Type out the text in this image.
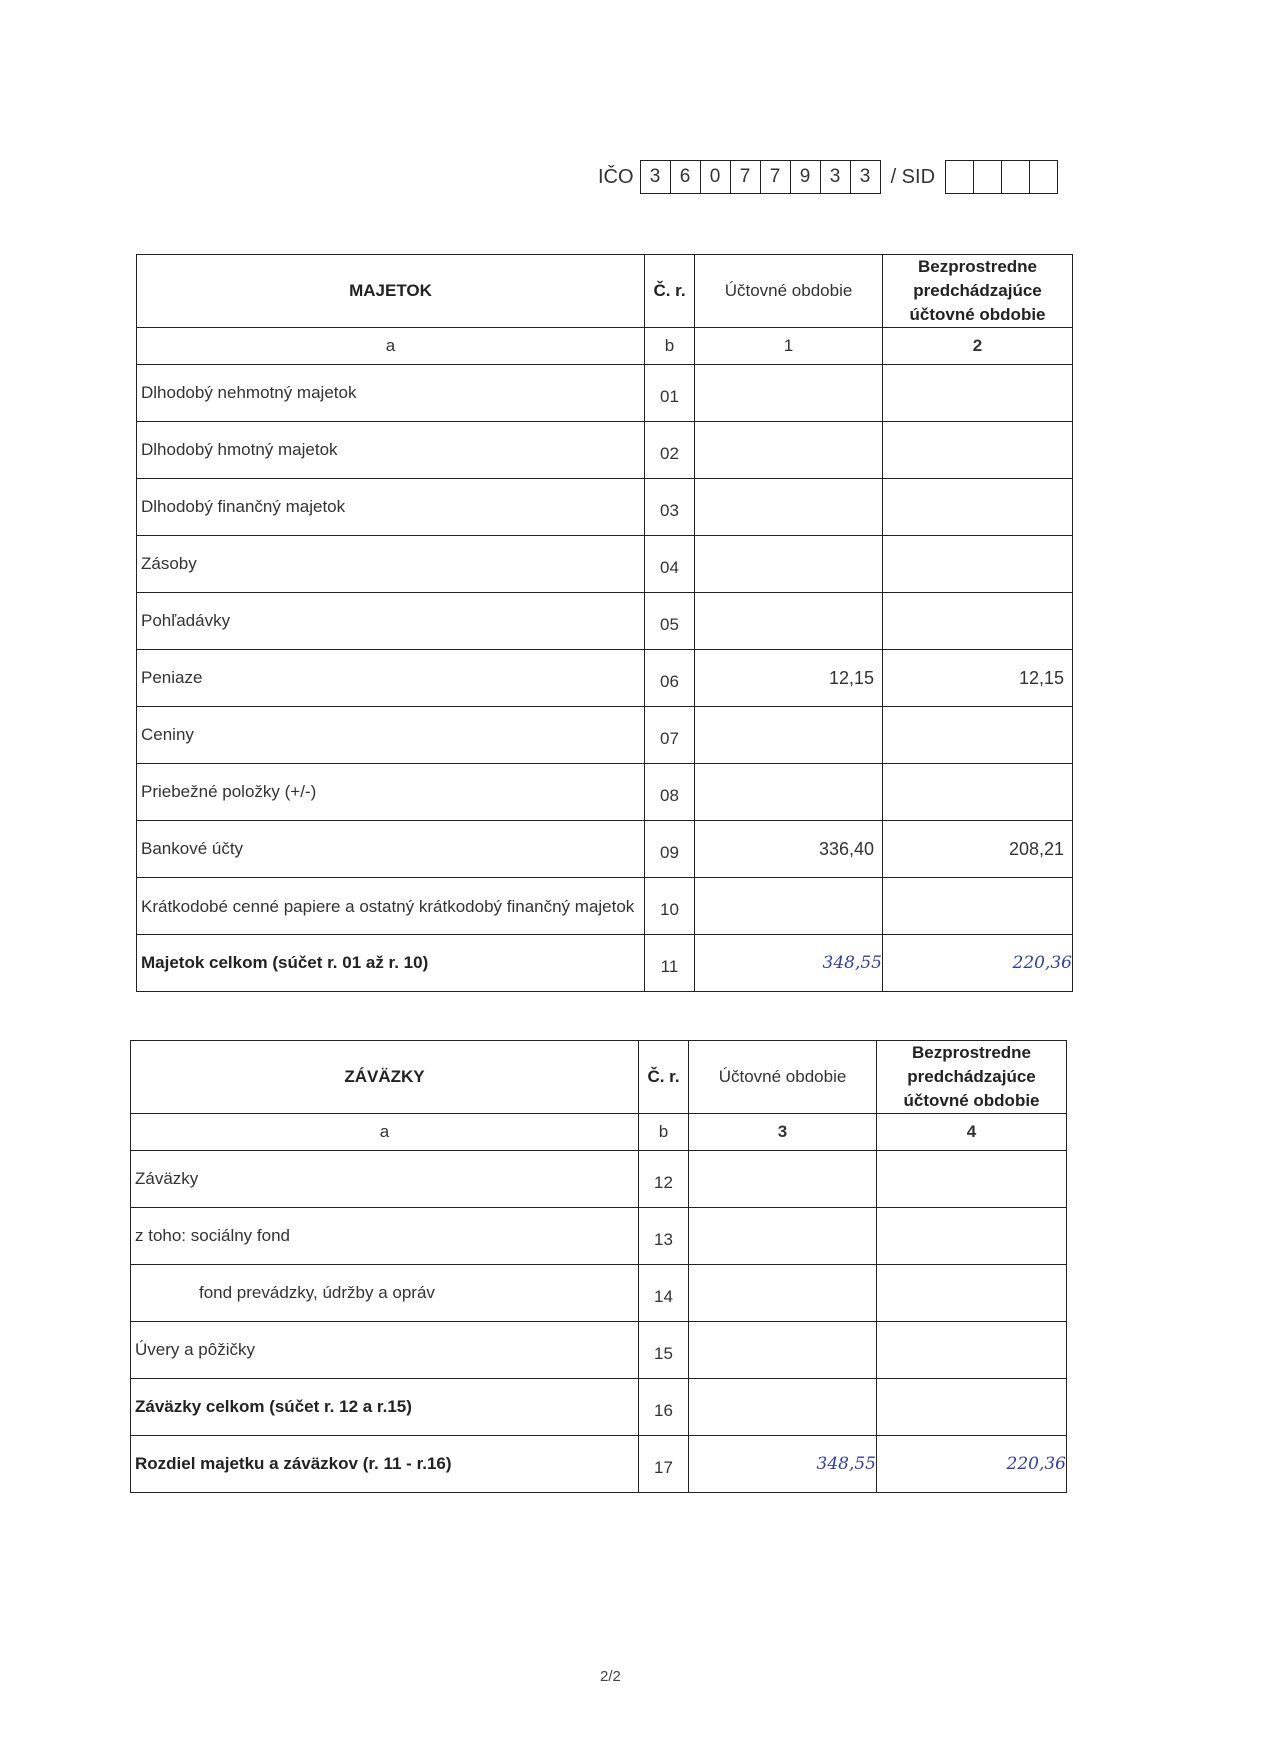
IČO 3	6	0	7	7	9	3	3	/ SID
MAJETOK	Č. r.	Účtovné obdobie	Bezprostredne predchádzajúce účtovné obdobie
a	b	1	2
Dlhodobý nehmotný majetok	01		
Dlhodobý hmotný majetok	02		
Dlhodobý finančný majetok	03		
Zásoby	04		
Pohľadávky	05		
Peniaze	06	12,15	12,15
Ceniny	07		
Priebežné položky (+/-)	08		
Bankové účty	09	336,40	208,21
Krátkodobé cenné papiere a ostatný krátkodobý finančný majetok	10		
Majetok celkom (súčet r. 01 až r. 10)	11	348,55	220,36
ZÁVÄZKY	Č. r.	Účtovné obdobie	Bezprostredne predchádzajúce účtovné obdobie
a	b	3	4
Záväzky	12		
z toho: sociálny fond	13		
fond prevádzky, údržby a opráv	14		
Úvery a pôžičky	15		
Záväzky celkom (súčet r. 12 a r.15)	16		
Rozdiel majetku a záväzkov (r. 11 - r.16)	17	348,55	220,36
2/2
